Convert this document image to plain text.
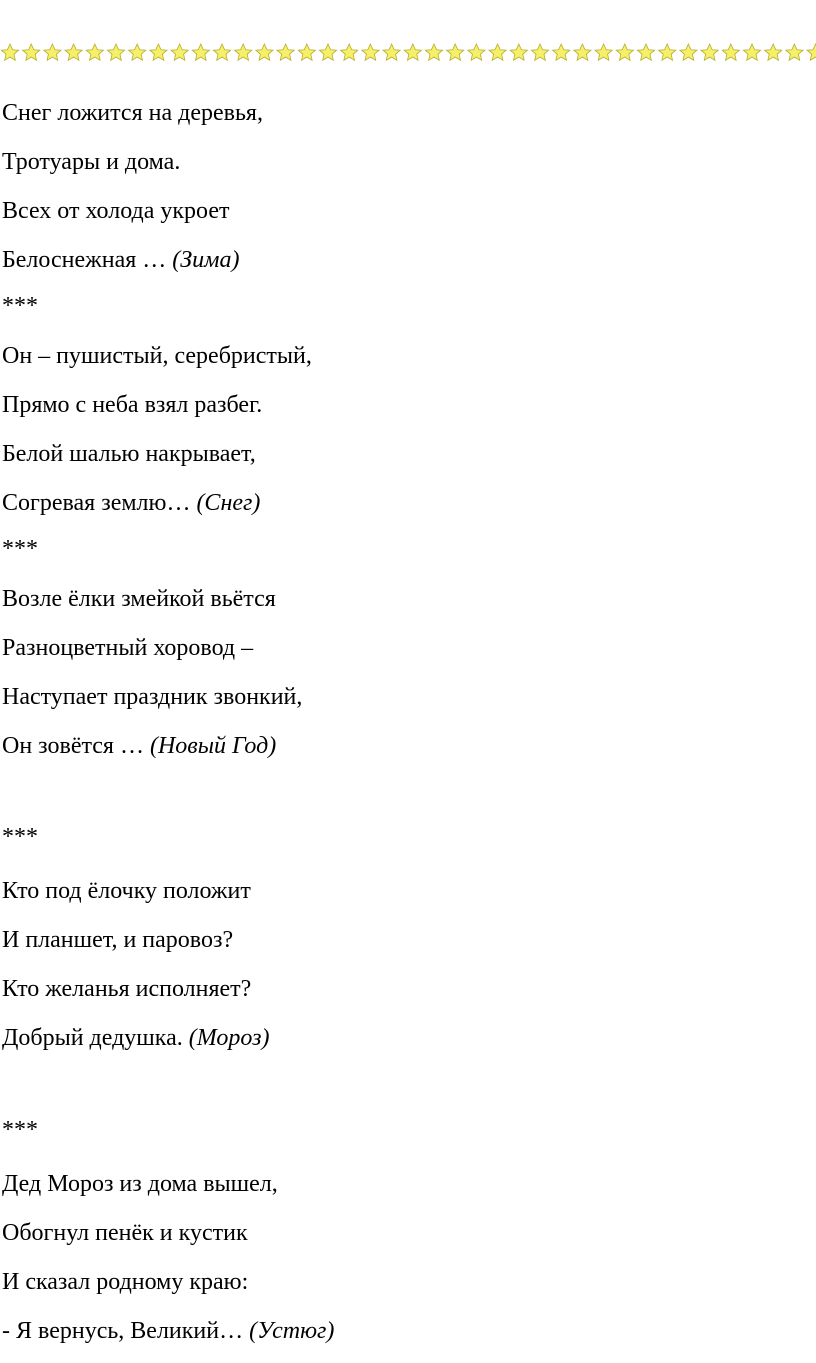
Снег ложится на деревья,
Тротуары и дома.
Всех от холода укроет
Белоснежная … (Зима)
***
Он – пушистый, серебристый,
Прямо с неба взял разбег.
Белой шалью накрывает,
Согревая землю… (Снег)
***
Возле ёлки змейкой вьётся
Разноцветный хоровод –
Наступает праздник звонкий,
Он зовётся … (Новый Год)
***
Кто под ёлочку положит
И планшет, и паровоз?
Кто желанья исполняет?
Добрый дедушка. (Мороз)
***
Дед Мороз из дома вышел,
Обогнул пенёк и кустик
И сказал родному краю:
- Я вернусь, Великий… (Устюг)
